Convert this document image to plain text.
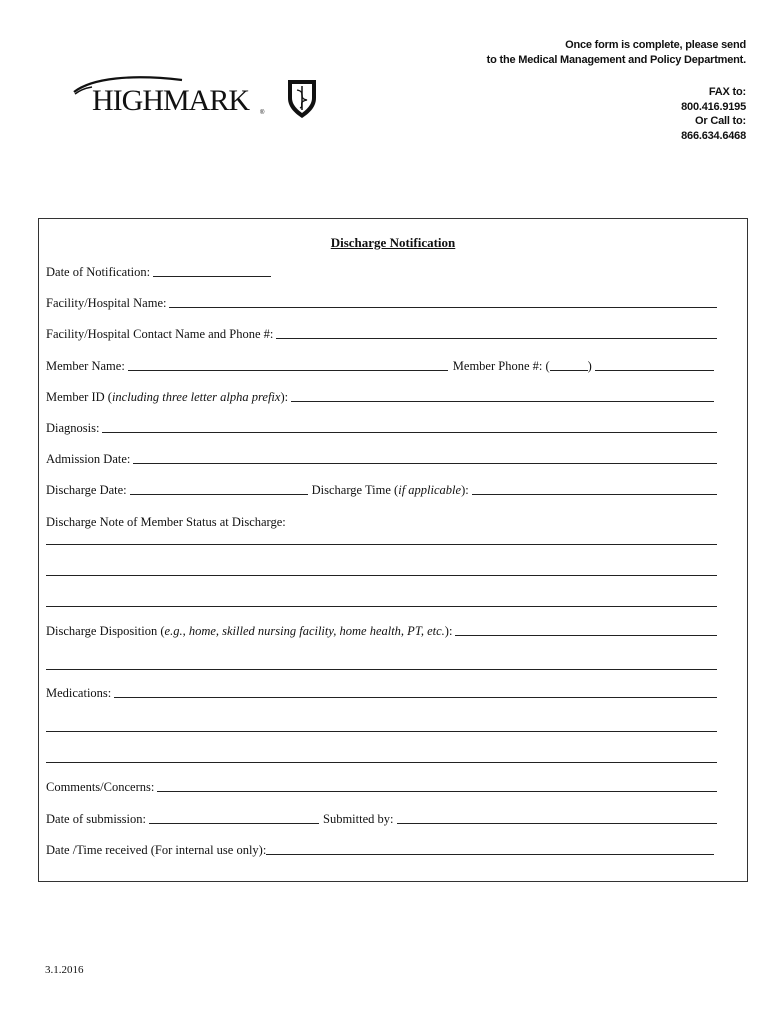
HIGHMARK ®
Once form is complete, please send
to the Medical Management and Policy Department.
FAX to:
800.416.9195
Or Call to:
866.634.6468
Discharge Notification
Date of Notification:
Facility/Hospital Name:
Facility/Hospital Contact Name and Phone #:
Member Name:	Member Phone #: (	)
Member ID (including three letter alpha prefix):
Diagnosis:
Admission Date:
Discharge Date:	Discharge Time (if applicable):
Discharge Note of Member Status at Discharge:
Discharge Disposition (e.g., home, skilled nursing facility, home health, PT, etc.):
Medications:
Comments/Concerns:
Date of submission:	Submitted by:
Date /Time received (For internal use only):
3.1.2016
